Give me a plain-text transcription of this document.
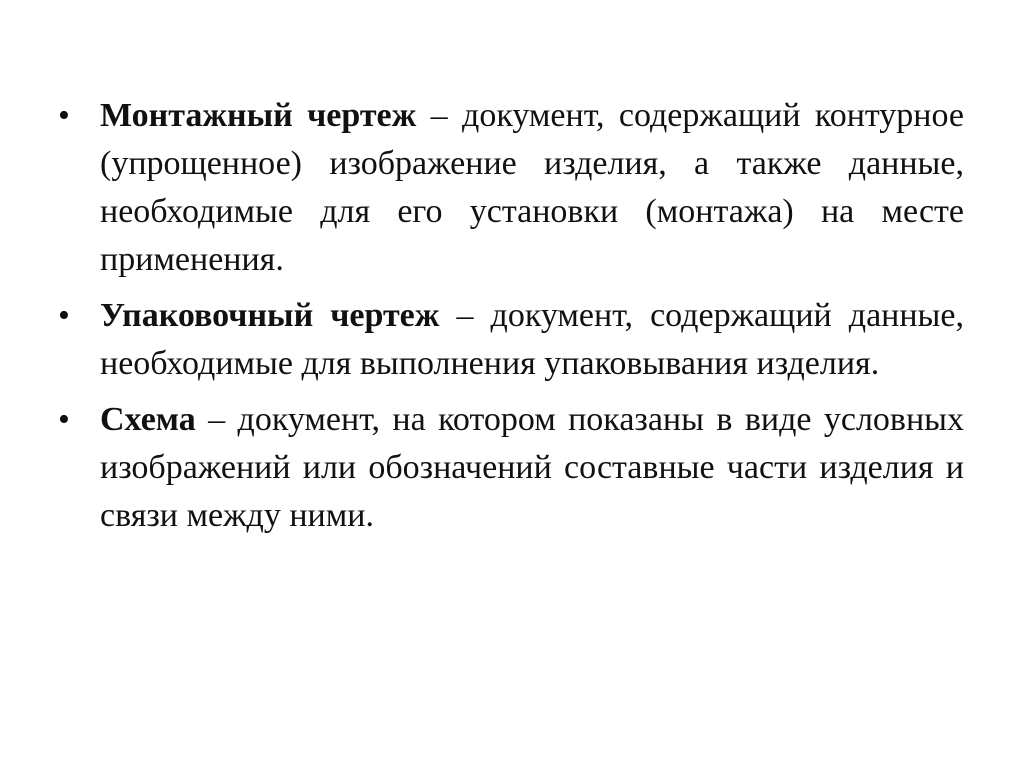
• Монтажный чертеж – документ, содержащий контурное (упрощенное) изображение изделия, а также данные, необходимые для его установки (монтажа) на месте применения.
• Упаковочный чертеж – документ, содержащий данные, необходимые для выполнения упаковывания изделия.
• Схема – документ, на котором показаны в виде условных изображений или обозначений составные части изделия и связи между ними.
